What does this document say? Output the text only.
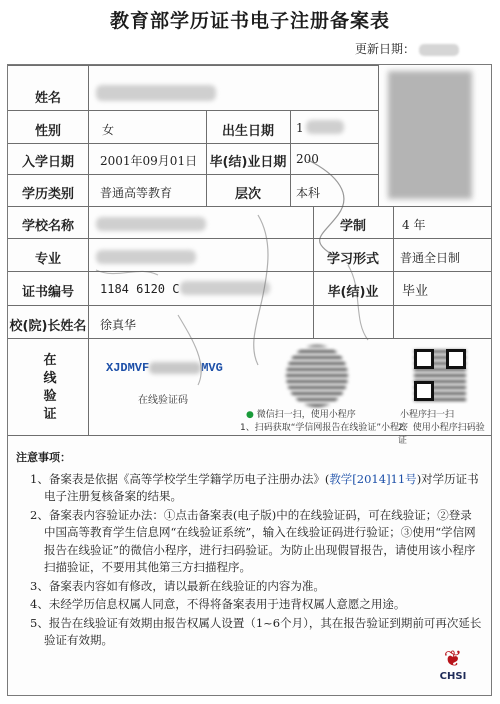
教育部学历证书电子注册备案表
更新日期：
姓名
性别	女	出生日期	1
入学日期	2001年09月01日 毕(结)业日期 200
学历类别	普通高等教育	层次	本科
学校名称	学制	4 年
专业	学习形式	普通全日制
证书编号	1184 6120 C	毕(结)业	毕业
校(院)长姓名 徐真华
在
线
验
证
XJDMVF	MVG
在线验证码
● 微信扫一扫，使用小程序
1、扫码获取“学信网报告在线验证”小程序
小程序扫一扫
2、使用小程序扫码验证
注意事项：
1、备案表是依据《高等学校学生学籍学历电子注册办法》(教学[2014]11号)对学历证书电子注册复核备案的结果。
2、备案表内容验证办法：①点击备案表(电子版)中的在线验证码，可在线验证；②登录中国高等教育学生信息网“在线验证系统”，输入在线验证码进行验证；③使用“学信网报告在线验证”的微信小程序，进行扫码验证。为防止出现假冒报告，请使用该小程序扫描验证，不要用其他第三方扫描程序。
3、备案表内容如有修改，请以最新在线验证的内容为准。
4、未经学历信息权属人同意，不得将备案表用于违背权属人意愿之用途。
5、报告在线验证有效期由报告权属人设置（1~6个月），其在报告验证到期前可再次延长验证有效期。
❦
CHSI
